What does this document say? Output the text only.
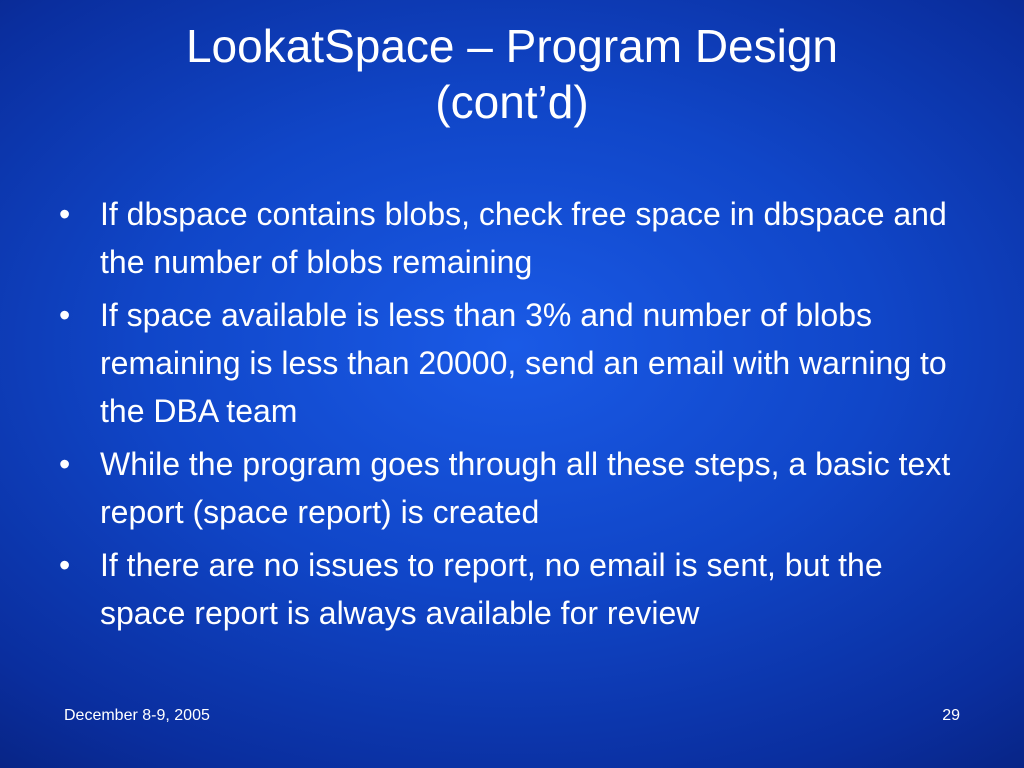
LookatSpace – Program Design
(cont’d)
• If dbspace contains blobs, check free space in dbspace and the number of blobs remaining
• If space available is less than 3% and number of blobs remaining is less than 20000, send an email with warning to the DBA team
• While the program goes through all these steps, a basic text report (space report) is created
• If there are no issues to report, no email is sent, but the space report is always available for review
December 8-9, 2005	29
